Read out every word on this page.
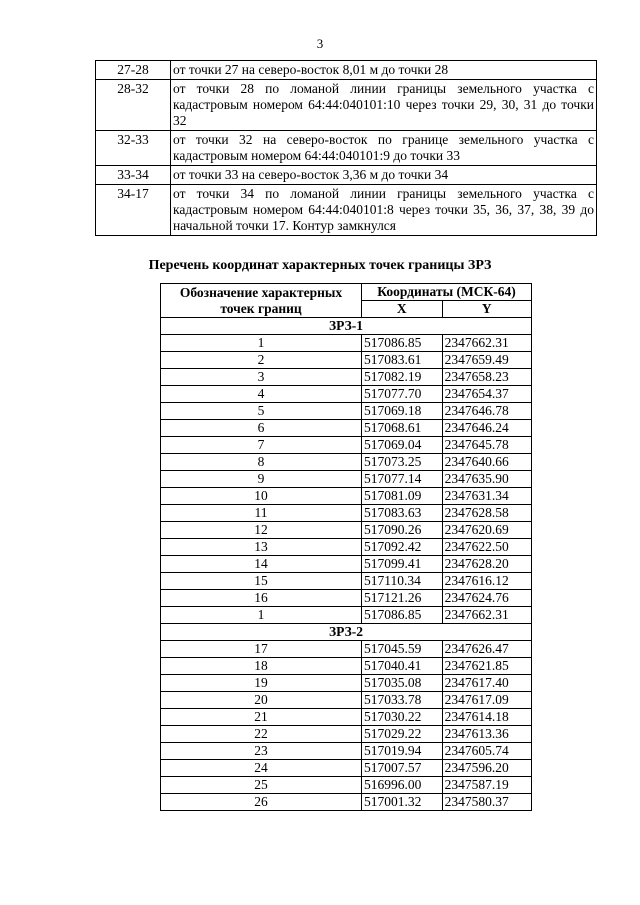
3
27-28	от точки 27 на северо-восток 8,01 м до точки 28
28-32	от точки 28 по ломаной линии границы земельного участка с кадастровым номером 64:44:040101:10 через точки 29, 30, 31 до точки 32
32-33	от точки 32 на северо-восток по границе земельного участка с кадастровым номером 64:44:040101:9 до точки 33
33-34	от точки 33 на северо-восток 3,36 м до точки 34
34-17	от точки 34 по ломаной линии границы земельного участка с кадастровым номером 64:44:040101:8 через точки 35, 36, 37, 38, 39 до начальной точки 17. Контур замкнулся
Перечень координат характерных точек границы ЗРЗ
Обозначение характерных точек границ	Координаты (МСК-64)	
	X	Y
ЗРЗ-1		
1	517086.85	2347662.31
2	517083.61	2347659.49
3	517082.19	2347658.23
4	517077.70	2347654.37
5	517069.18	2347646.78
6	517068.61	2347646.24
7	517069.04	2347645.78
8	517073.25	2347640.66
9	517077.14	2347635.90
10	517081.09	2347631.34
11	517083.63	2347628.58
12	517090.26	2347620.69
13	517092.42	2347622.50
14	517099.41	2347628.20
15	517110.34	2347616.12
16	517121.26	2347624.76
1	517086.85	2347662.31
ЗРЗ-2		
17	517045.59	2347626.47
18	517040.41	2347621.85
19	517035.08	2347617.40
20	517033.78	2347617.09
21	517030.22	2347614.18
22	517029.22	2347613.36
23	517019.94	2347605.74
24	517007.57	2347596.20
25	516996.00	2347587.19
26	517001.32	2347580.37
